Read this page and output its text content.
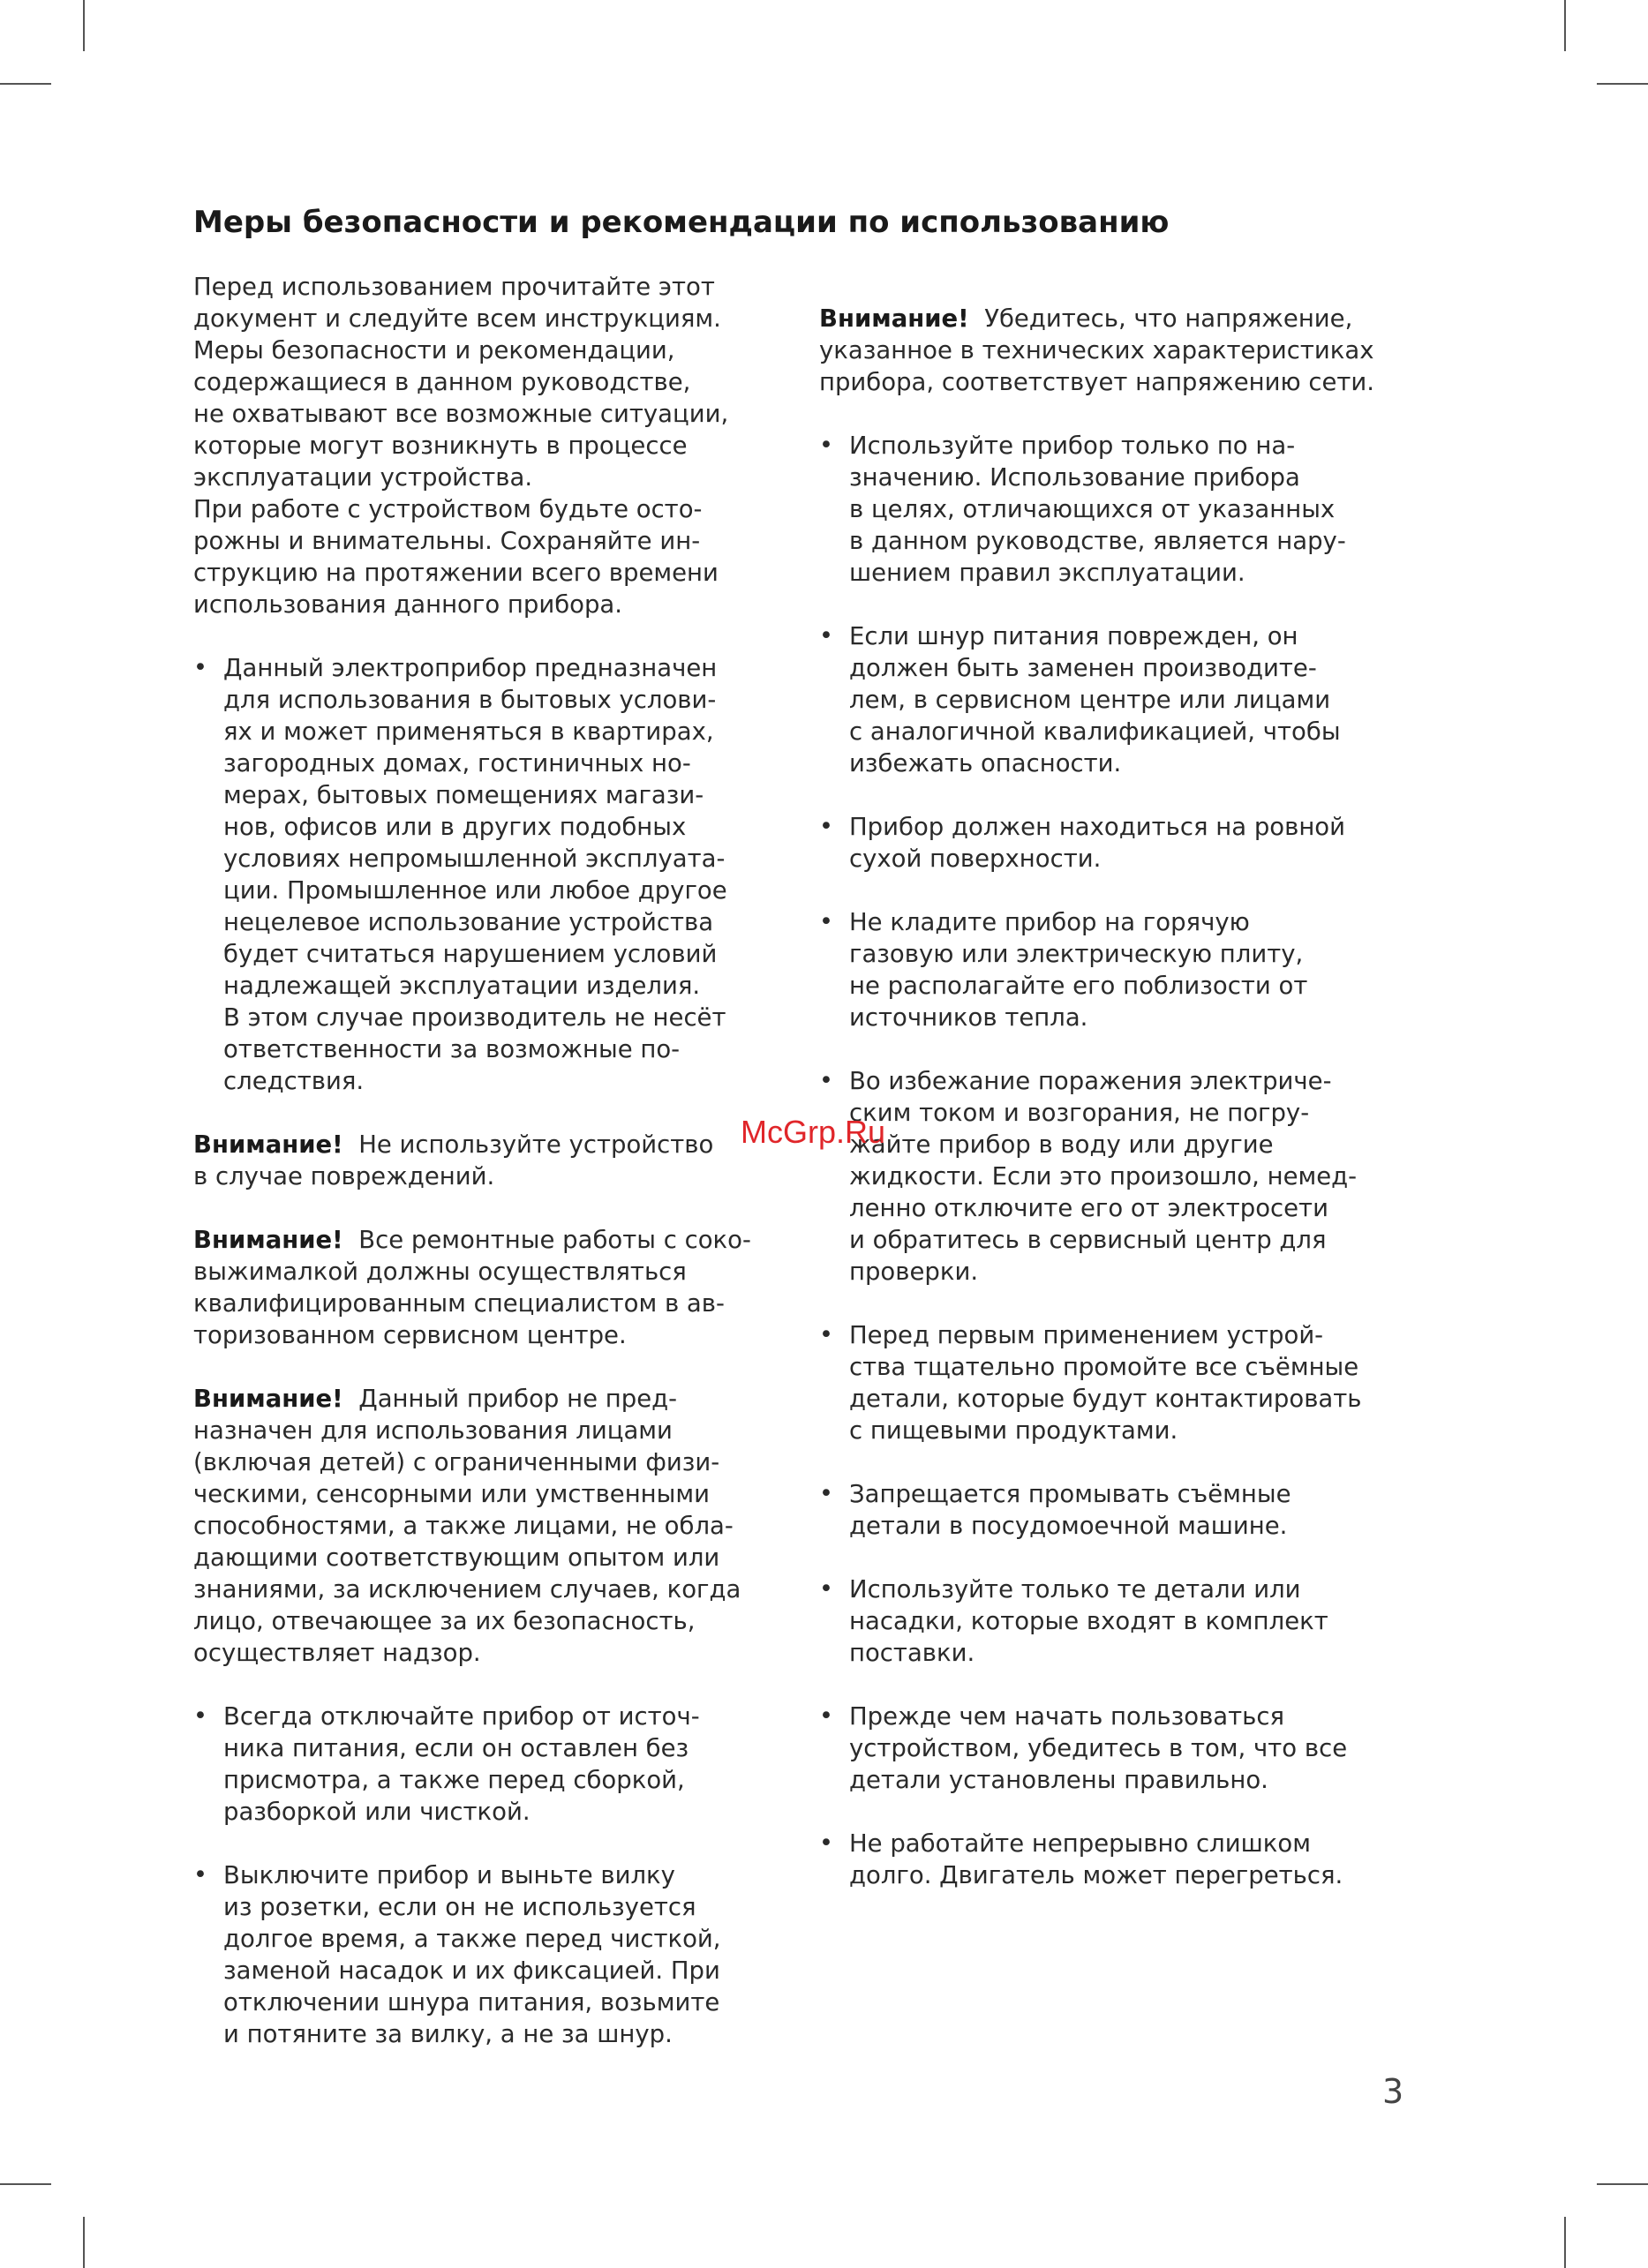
Меры безопасности и рекомендации по использованию
Перед использованием прочитайте этот
документ и следуйте всем инструкциям.
Меры безопасности и рекомендации,
содержащиеся в данном руководстве,
не охватывают все возможные ситуации,
которые могут возникнуть в процессе
эксплуатации устройства.
При работе с устройством будьте осто-
рожны и внимательны. Сохраняйте ин-
струкцию на протяжении всего времени
использования данного прибора.
• Данный электроприбор предназначен
для использования в бытовых услови-
ях и может применяться в квартирах,
загородных домах, гостиничных но-
мерах, бытовых помещениях магази-
нов, офисов или в других подобных
условиях непромышленной эксплуата-
ции. Промышленное или любое другое
нецелевое использование устройства
будет считаться нарушением условий
надлежащей эксплуатации изделия.
В этом случае производитель не несёт
ответственности за возможные по-
следствия.
Внимание!  Не используйте устройство
в случае повреждений.
Внимание!  Все ремонтные работы с соко-
выжималкой должны осуществляться
квалифицированным специалистом в ав-
торизованном сервисном центре.
Внимание!  Данный прибор не пред-
назначен для использования лицами
(включая детей) с ограниченными физи-
ческими, сенсорными или умственными
способностями, а также лицами, не обла-
дающими соответствующим опытом или
знаниями, за исключением случаев, когда
лицо, отвечающее за их безопасность,
осуществляет надзор.
• Всегда отключайте прибор от источ-
ника питания, если он оставлен без
присмотра, а также перед сборкой,
разборкой или чисткой.
• Выключите прибор и выньте вилку
из розетки, если он не используется
долгое время, а также перед чисткой,
заменой насадок и их фиксацией. При
отключении шнура питания, возьмите
и потяните за вилку, а не за шнур.
Внимание!  Убедитесь, что напряжение,
указанное в технических характеристиках
прибора, соответствует напряжению сети.
• Используйте прибор только по на-
значению. Использование прибора
в целях, отличающихся от указанных
в данном руководстве, является нару-
шением правил эксплуатации.
• Если шнур питания поврежден, он
должен быть заменен производите-
лем, в сервисном центре или лицами
с аналогичной квалификацией, чтобы
избежать опасности.
• Прибор должен находиться на ровной
сухой поверхности.
• Не кладите прибор на горячую
газовую или электрическую плиту,
не располагайте его поблизости от
источников тепла.
• Во избежание поражения электриче-
ским током и возгорания, не погру-
жайте прибор в воду или другие
жидкости. Если это произошло, немед-
ленно отключите его от электросети
и обратитесь в сервисный центр для
проверки.
• Перед первым применением устрой-
ства тщательно промойте все съёмные
детали, которые будут контактировать
с пищевыми продуктами.
• Запрещается промывать съёмные
детали в посудомоечной машине.
• Используйте только те детали или
насадки, которые входят в комплект
поставки.
• Прежде чем начать пользоваться
устройством, убедитесь в том, что все
детали установлены правильно.
• Не работайте непрерывно слишком
долго. Двигатель может перегреться.
McGrp.Ru
3
